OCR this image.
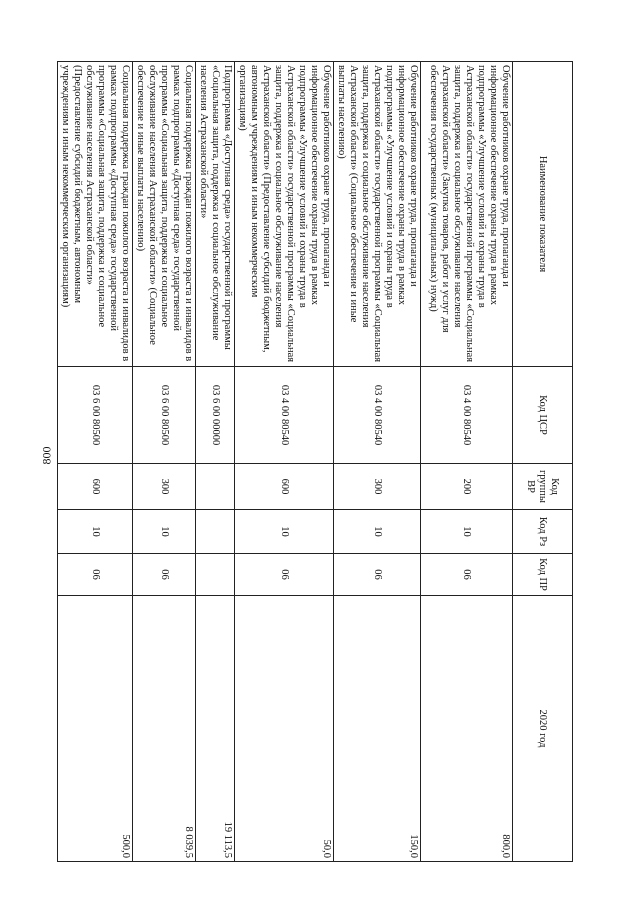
800
Наименование показателя	Код ЦСР	Код группы ВР	Код Рз	Код ПР	2020 год
Обучение работников охране труда, пропаганда и информационное обеспечение охраны труда в рамках подпрограммы «Улучшение условий и охраны труда в Астраханской области» государственной программы «Социальная защита, поддержка и социальное обслуживание населения Астраханской области» (Закупка товаров, работ и услуг для обеспечения государственных (муниципальных) нужд)	03 4 00 80540	200	10	06	800,0
Обучение работников охране труда, пропаганда и информационное обеспечение охраны труда в рамках подпрограммы «Улучшение условий и охраны труда в Астраханской области» государственной программы «Социальная защита, поддержка и социальное обслуживание населения Астраханской области» (Социальное обеспечение и иные выплаты населению)	03 4 00 80540	300	10	06	150,0
Обучение работников охране труда, пропаганда и информационное обеспечение охраны труда в рамках подпрограммы «Улучшение условий и охраны труда в Астраханской области» государственной программы «Социальная защита, поддержка и социальное обслуживание населения Астраханской области» (Предоставление субсидий бюджетным, автономным учреждениям и иным некоммерческим организациям)	03 4 00 80540	600	10	06	50,0
Подпрограмма «Доступная среда» государственной программы «Социальная защита, поддержка и социальное обслуживание населения Астраханской области»	03 6 00 00000				19 113,5
Социальная поддержка граждан пожилого возраста и инвалидов в рамках подпрограммы «Доступная среда» государственной программы «Социальная защита, поддержка и социальное обслуживание населения Астраханской области» (Социальное обеспечение и иные выплаты населению)	03 6 00 80500	300	10	06	8 039,5
Социальная поддержка граждан пожилого возраста и инвалидов в рамках подпрограммы «Доступная среда» государственной программы «Социальная защита, поддержка и социальное обслуживание населения Астраханской области» (Предоставление субсидий бюджетным, автономным учреждениям и иным некоммерческим организациям)	03 6 00 80500	600	10	06	500,0
